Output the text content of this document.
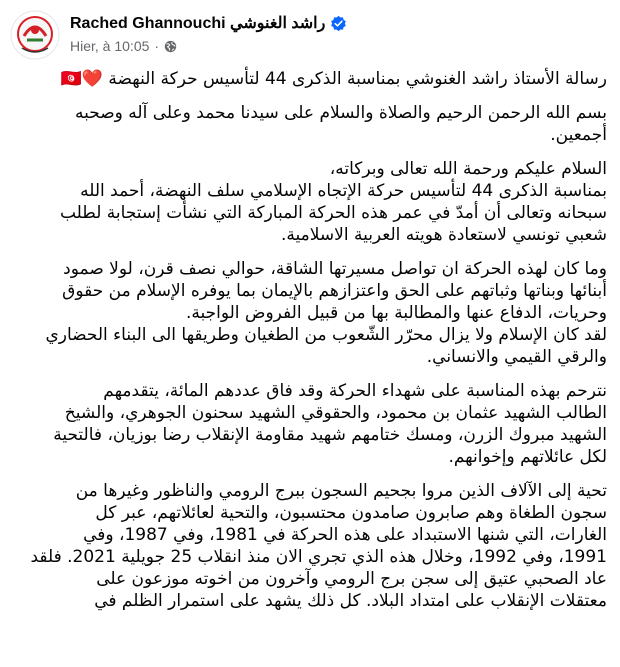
Rached Ghannouchi راشد الغنوشي
Hier, à 10:05 ·
رسالة الأستاذ راشد الغنوشي بمناسبة الذكرى 44 لتأسيس حركة النهضة ❤️🇹🇳
بسم الله الرحمن الرحيم والصلاة والسلام على سيدنا محمد وعلى آله وصحبه
أجمعين.
السلام عليكم ورحمة الله تعالى وبركاته،
بمناسبة الذكرى 44 لتأسيس حركة الإتجاه الإسلامي سلف النهضة، أحمد الله
سبحانه وتعالى أن أمدّ في عمر هذه الحركة المباركة التي نشأت إستجابة لطلب
شعبي تونسي لاستعادة هويته العربية الاسلامية.
وما كان لهذه الحركة ان تواصل مسيرتها الشاقة، حوالي نصف قرن، لولا صمود
أبنائها وبناتها وثباتهم على الحق واعتزازهم بالإيمان بما يوفره الإسلام من حقوق
وحريات، الدفاع عنها والمطالبة بها من قبيل الفروض الواجبة.
لقد كان الإسلام ولا يزال محرّر الشّعوب من الطغيان وطريقها الى البناء الحضاري
والرقي القيمي والانساني.
نترحم بهذه المناسبة على شهداء الحركة وقد فاق عددهم المائة، يتقدمهم
الطالب الشهيد عثمان بن محمود، والحقوقي الشهيد سحنون الجوهري، والشيخ
الشهيد مبروك الزرن، ومسك ختامهم شهيد مقاومة الإنقلاب رضا بوزيان، فالتحية
لكل عائلاتهم وإخوانهم.
تحية إلى الآلاف الذين مروا بجحيم السجون ببرج الرومي والناظور وغيرها من
سجون الطغاة وهم صابرون صامدون محتسبون، والتحية لعائلاتهم، عبر كل
الغارات، التي شنها الاستبداد على هذه الحركة في 1981، وفي 1987، وفي
1991، وفي 1992، وخلال هذه الذي تجري الان منذ انقلاب 25 جويلية 2021. فلقد
عاد الصحبي عتيق إلى سجن برج الرومي وآخرون من اخوته موزعون على
معتقلات الإنقلاب على امتداد البلاد. كل ذلك يشهد على استمرار الظلم في
